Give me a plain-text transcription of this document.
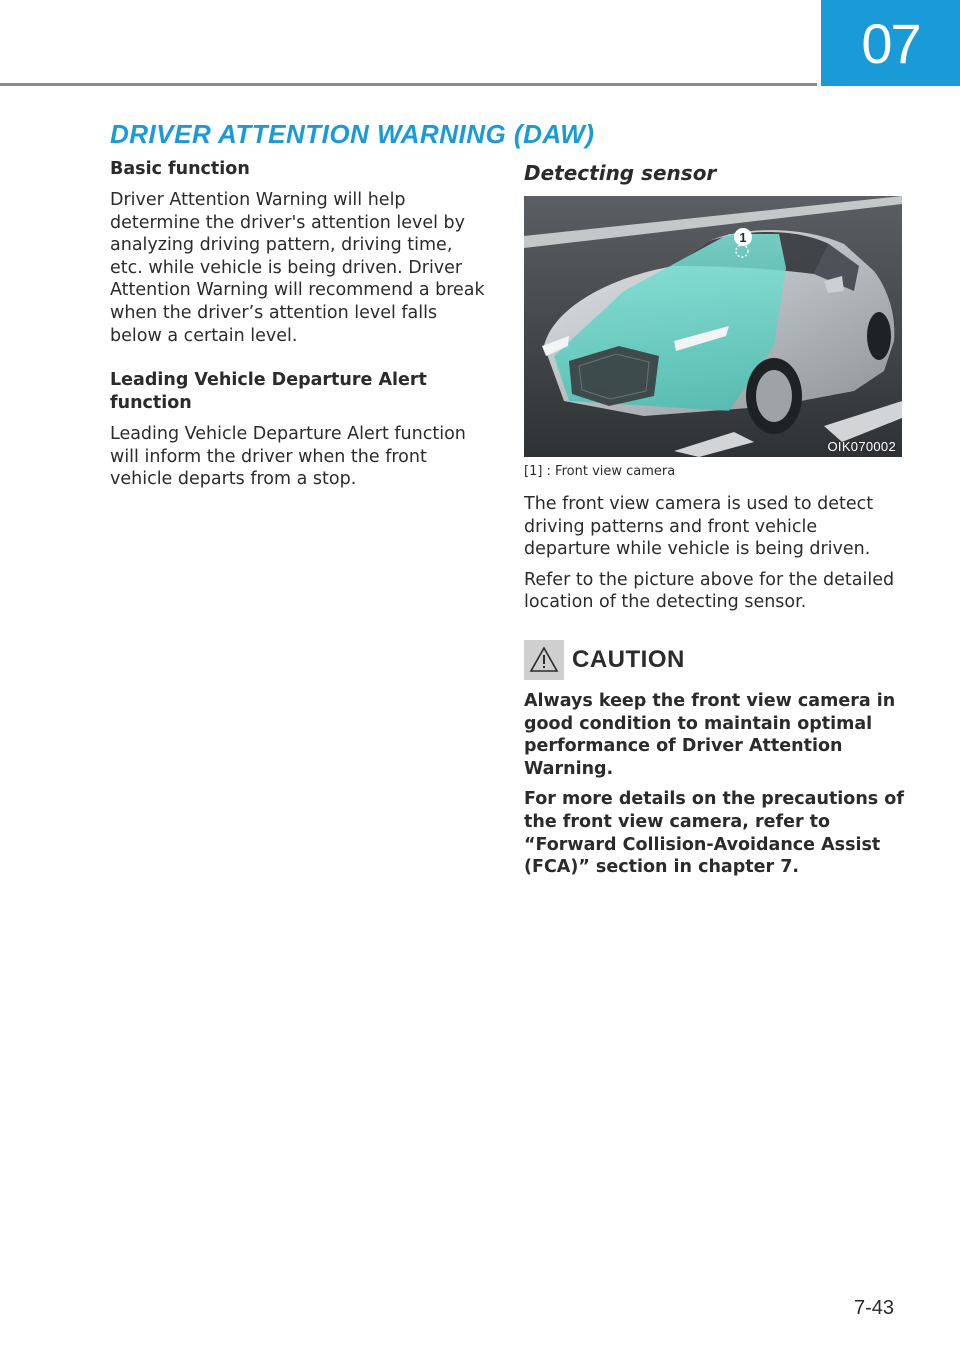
07
DRIVER ATTENTION WARNING (DAW)
Basic function

Driver Attention Warning will help determine the driver's attention level by analyzing driving pattern, driving time, etc. while vehicle is being driven. Driver Attention Warning will recommend a break when the driver’s attention level falls below a certain level.

Leading Vehicle Departure Alert function

Leading Vehicle Departure Alert function will inform the driver when the front vehicle departs from a stop.

Detecting sensor
1
OIK070002
[1] : Front view camera

The front view camera is used to detect driving patterns and front vehicle departure while vehicle is being driven.

Refer to the picture above for the detailed location of the detecting sensor.

CAUTION

Always keep the front view camera in good condition to maintain optimal performance of Driver Attention Warning.

For more details on the precautions of the front view camera, refer to “Forward Collision-Avoidance Assist (FCA)” section in chapter 7.

7-43
